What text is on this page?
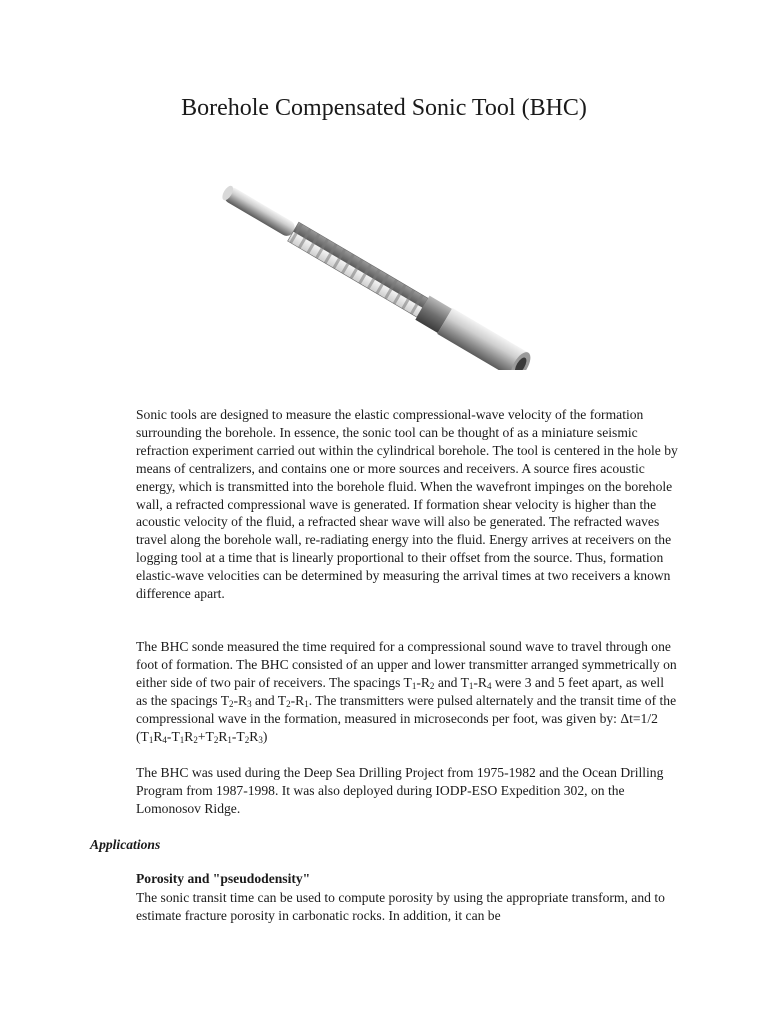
Borehole Compensated Sonic Tool (BHC)

Sonic tools are designed to measure the elastic compressional-wave velocity of the formation surrounding the borehole. In essence, the sonic tool can be thought of as a miniature seismic refraction experiment carried out within the cylindrical borehole. The tool is centered in the hole by means of centralizers, and contains one or more sources and receivers. A source fires acoustic energy, which is transmitted into the borehole fluid. When the wavefront impinges on the borehole wall, a refracted compressional wave is generated. If formation shear velocity is higher than the acoustic velocity of the fluid, a refracted shear wave will also be generated. The refracted waves travel along the borehole wall, re-radiating energy into the fluid. Energy arrives at receivers on the logging tool at a time that is linearly proportional to their offset from the source. Thus, formation elastic-wave velocities can be determined by measuring the arrival times at two receivers a known difference apart.

The BHC sonde measured the time required for a compressional sound wave to travel through one foot of formation. The BHC consisted of an upper and lower transmitter arranged symmetrically on either side of two pair of receivers. The spacings $T_1-R_2$ and $T_1-R_4$ were 3 and 5 feet apart, as well as the spacings $T_2-R_3$ and $T_2-R_1$. The transmitters were pulsed alternately and the transit time of the compressional wave in the formation, measured in microseconds per foot, was given by: Δt=1/2 $(T_1R_4-T_1R_2+T_2R_1-T_2R_3)$

The BHC was used during the Deep Sea Drilling Project from 1975-1982 and the Ocean Drilling Program from 1987-1998. It was also deployed during IODP-ESO Expedition 302, on the Lomonosov Ridge.

Applications
Porosity and "pseudodensity"

The sonic transit time can be used to compute porosity by using the appropriate transform, and to estimate fracture porosity in carbonatic rocks. In addition, it can be
